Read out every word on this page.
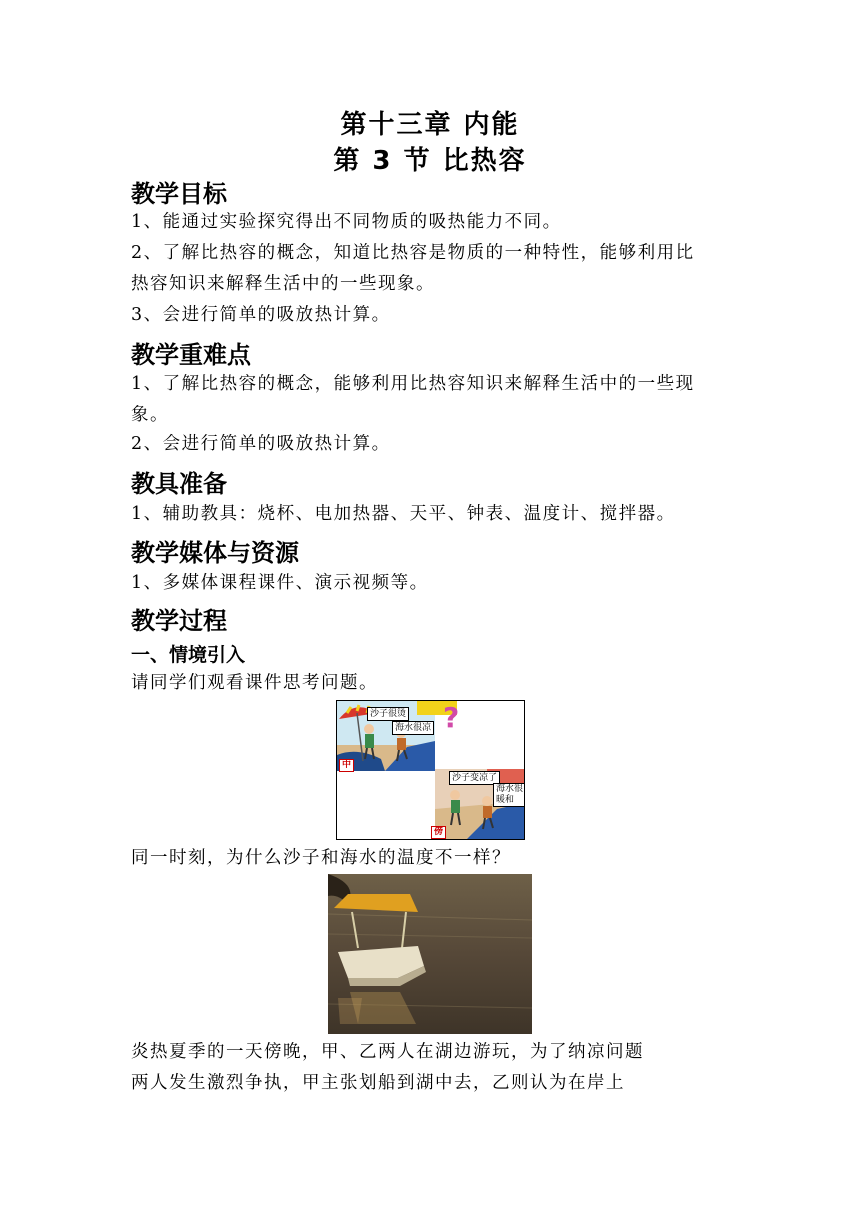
第十三章 内能
第 3 节 比热容
教学目标
1、能通过实验探究得出不同物质的吸热能力不同。
2、了解比热容的概念，知道比热容是物质的一种特性，能够利用比
热容知识来解释生活中的一些现象。
3、会进行简单的吸放热计算。
教学重难点
1、了解比热容的概念，能够利用比热容知识来解释生活中的一些现
象。
2、会进行简单的吸放热计算。
教具准备
1、辅助教具：烧杯、电加热器、天平、钟表、温度计、搅拌器。
教学媒体与资源
1、多媒体课程课件、演示视频等。
教学过程
一、情境引入
请同学们观看课件思考问题。
沙子很烫
海水很凉 ?
中
沙子变凉了
海水很暖和
傍
同一时刻，为什么沙子和海水的温度不一样？
炎热夏季的一天傍晚，甲、乙两人在湖边游玩，为了纳凉问题
两人发生激烈争执，甲主张划船到湖中去，乙则认为在岸上
